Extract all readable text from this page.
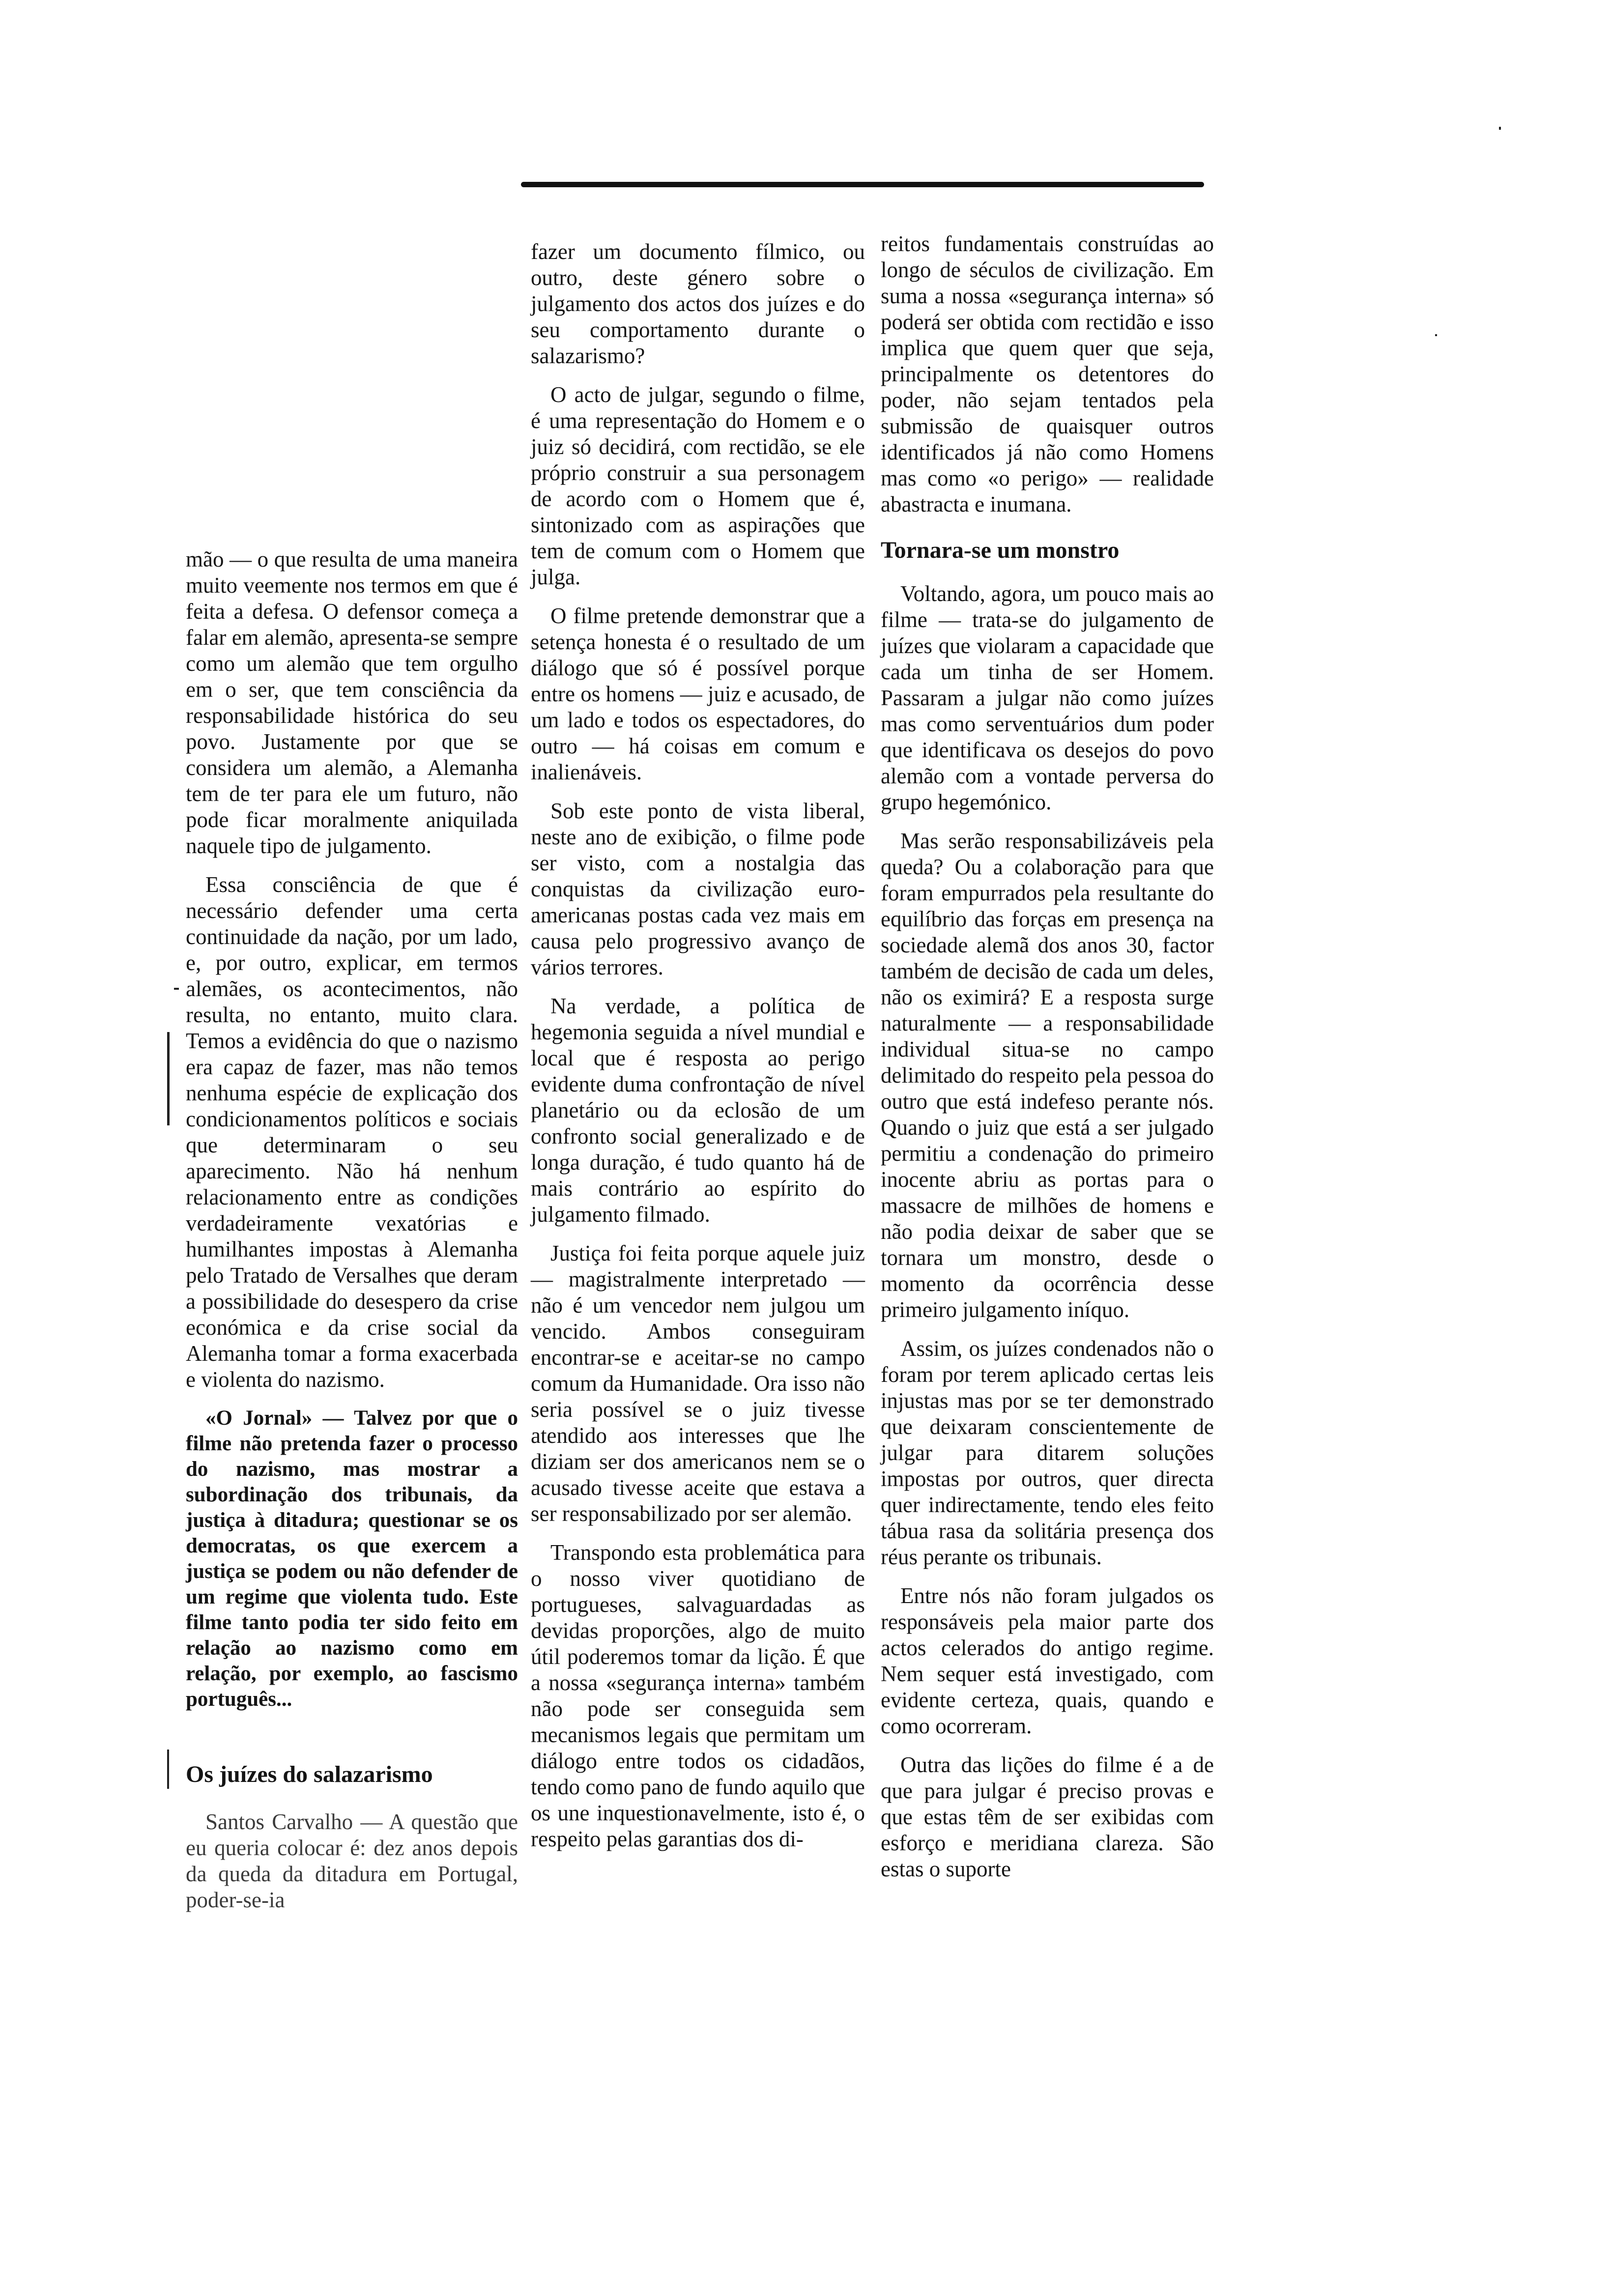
mão — o que resulta de uma maneira muito veemente nos termos em que é feita a defesa. O defensor começa a falar em alemão, apresenta-se sempre como um alemão que tem orgulho em o ser, que tem consciência da responsabilidade histórica do seu povo. Justamente por que se considera um alemão, a Alemanha tem de ter para ele um futuro, não pode ficar moralmente aniquilada naquele tipo de julgamento.

Essa consciência de que é necessário defender uma certa continuidade da nação, por um lado, e, por outro, explicar, em termos alemães, os acontecimentos, não resulta, no entanto, muito clara. Temos a evidência do que o nazismo era capaz de fazer, mas não temos nenhuma espécie de explicação dos condicionamentos políticos e sociais que determinaram o seu aparecimento. Não há nenhum relacionamento entre as condições verdadeiramente vexatórias e humilhantes impostas à Alemanha pelo Tratado de Versalhes que deram a possibilidade do desespero da crise económica e da crise social da Alemanha tomar a forma exacerbada e violenta do nazismo.

«O Jornal» — Talvez por que o filme não pretenda fazer o processo do nazismo, mas mostrar a subordinação dos tribunais, da justiça à ditadura; questionar se os democratas, os que exercem a justiça se podem ou não defender de um regime que violenta tudo. Este filme tanto podia ter sido feito em relação ao nazismo como em relação, por exemplo, ao fascismo português...

Os juízes do salazarismo

Santos Carvalho — A questão que eu queria colocar é: dez anos depois da queda da ditadura em Portugal, poder-se-ia

fazer um documento fílmico, ou outro, deste género sobre o julgamento dos actos dos juízes e do seu comportamento durante o salazarismo?

O acto de julgar, segundo o filme, é uma representação do Homem e o juiz só decidirá, com rectidão, se ele próprio construir a sua personagem de acordo com o Homem que é, sintonizado com as aspirações que tem de comum com o Homem que julga.

O filme pretende demonstrar que a setença honesta é o resultado de um diálogo que só é possível porque entre os homens — juiz e acusado, de um lado e todos os espectadores, do outro — há coisas em comum e inalienáveis.

Sob este ponto de vista liberal, neste ano de exibição, o filme pode ser visto, com a nostalgia das conquistas da civilização euro-americanas postas cada vez mais em causa pelo progressivo avanço de vários terrores.

Na verdade, a política de hegemonia seguida a nível mundial e local que é resposta ao perigo evidente duma confrontação de nível planetário ou da eclosão de um confronto social generalizado e de longa duração, é tudo quanto há de mais contrário ao espírito do julgamento filmado.

Justiça foi feita porque aquele juiz — magistralmente interpretado — não é um vencedor nem julgou um vencido. Ambos conseguiram encontrar-se e aceitar-se no campo comum da Humanidade. Ora isso não seria possível se o juiz tivesse atendido aos interesses que lhe diziam ser dos americanos nem se o acusado tivesse aceite que estava a ser responsabilizado por ser alemão.

Transpondo esta problemática para o nosso viver quotidiano de portugueses, salvaguardadas as devidas proporções, algo de muito útil poderemos tomar da lição. É que a nossa «segurança interna» também não pode ser conseguida sem mecanismos legais que permitam um diálogo entre todos os cidadãos, tendo como pano de fundo aquilo que os une inquestionavelmente, isto é, o respeito pelas garantias dos di-

reitos fundamentais construídas ao longo de séculos de civilização. Em suma a nossa «segurança interna» só poderá ser obtida com rectidão e isso implica que quem quer que seja, principalmente os detentores do poder, não sejam tentados pela submissão de quaisquer outros identificados já não como Homens mas como «o perigo» — realidade abastracta e inumana.

Tornara-se um monstro

Voltando, agora, um pouco mais ao filme — trata-se do julgamento de juízes que violaram a capacidade que cada um tinha de ser Homem. Passaram a julgar não como juízes mas como serventuários dum poder que identificava os desejos do povo alemão com a vontade perversa do grupo hegemónico.

Mas serão responsabilizáveis pela queda? Ou a colaboração para que foram empurrados pela resultante do equilíbrio das forças em presença na sociedade alemã dos anos 30, factor também de decisão de cada um deles, não os eximirá? E a resposta surge naturalmente — a responsabilidade individual situa-se no campo delimitado do respeito pela pessoa do outro que está indefeso perante nós. Quando o juiz que está a ser julgado permitiu a condenação do primeiro inocente abriu as portas para o massacre de milhões de homens e não podia deixar de saber que se tornara um monstro, desde o momento da ocorrência desse primeiro julgamento iníquo.

Assim, os juízes condenados não o foram por terem aplicado certas leis injustas mas por se ter demonstrado que deixaram conscientemente de julgar para ditarem soluções impostas por outros, quer directa quer indirectamente, tendo eles feito tábua rasa da solitária presença dos réus perante os tribunais.

Entre nós não foram julgados os responsáveis pela maior parte dos actos celerados do antigo regime. Nem sequer está investigado, com evidente certeza, quais, quando e como ocorreram.

Outra das lições do filme é a de que para julgar é preciso provas e que estas têm de ser exibidas com esforço e meridiana clareza. São estas o suporte
